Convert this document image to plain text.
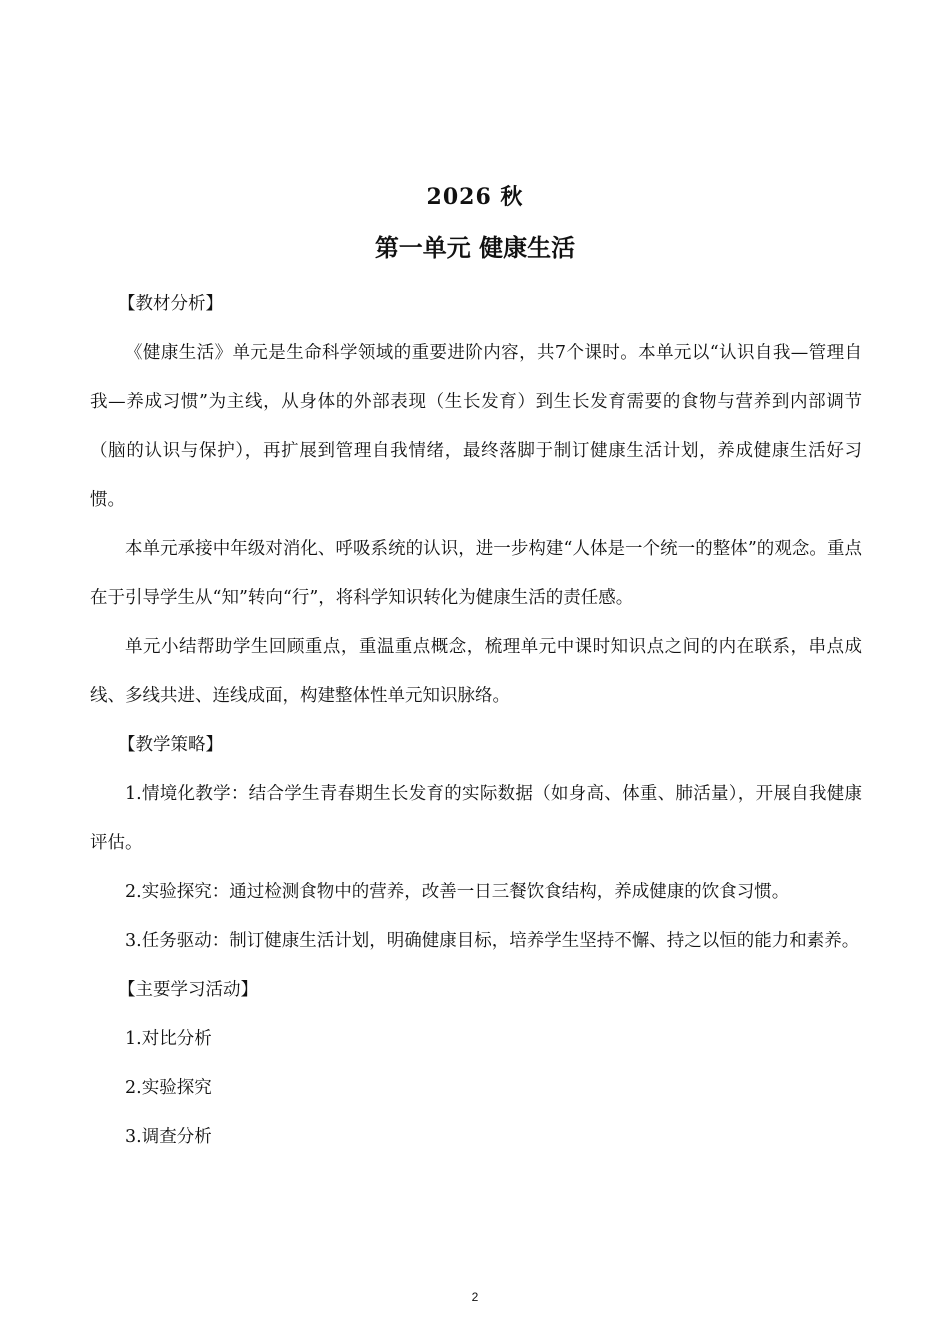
2026 秋
第一单元 健康生活

【教材分析】

《健康生活》单元是生命科学领域的重要进阶内容，共7个课时。本单元以“认识自我—管理自我—养成习惯”为主线，从身体的外部表现（生长发育）到生长发育需要的食物与营养到内部调节（脑的认识与保护），再扩展到管理自我情绪，最终落脚于制订健康生活计划，养成健康生活好习惯。

本单元承接中年级对消化、呼吸系统的认识，进一步构建“人体是一个统一的整体”的观念。重点在于引导学生从“知”转向“行”，将科学知识转化为健康生活的责任感。

单元小结帮助学生回顾重点，重温重点概念，梳理单元中课时知识点之间的内在联系，串点成线、多线共进、连线成面，构建整体性单元知识脉络。

【教学策略】

1.情境化教学：结合学生青春期生长发育的实际数据（如身高、体重、肺活量），开展自我健康评估。

2.实验探究：通过检测食物中的营养，改善一日三餐饮食结构，养成健康的饮食习惯。

3.任务驱动：制订健康生活计划，明确健康目标，培养学生坚持不懈、持之以恒的能力和素养。

【主要学习活动】

1.对比分析

2.实验探究

3.调查分析

2
